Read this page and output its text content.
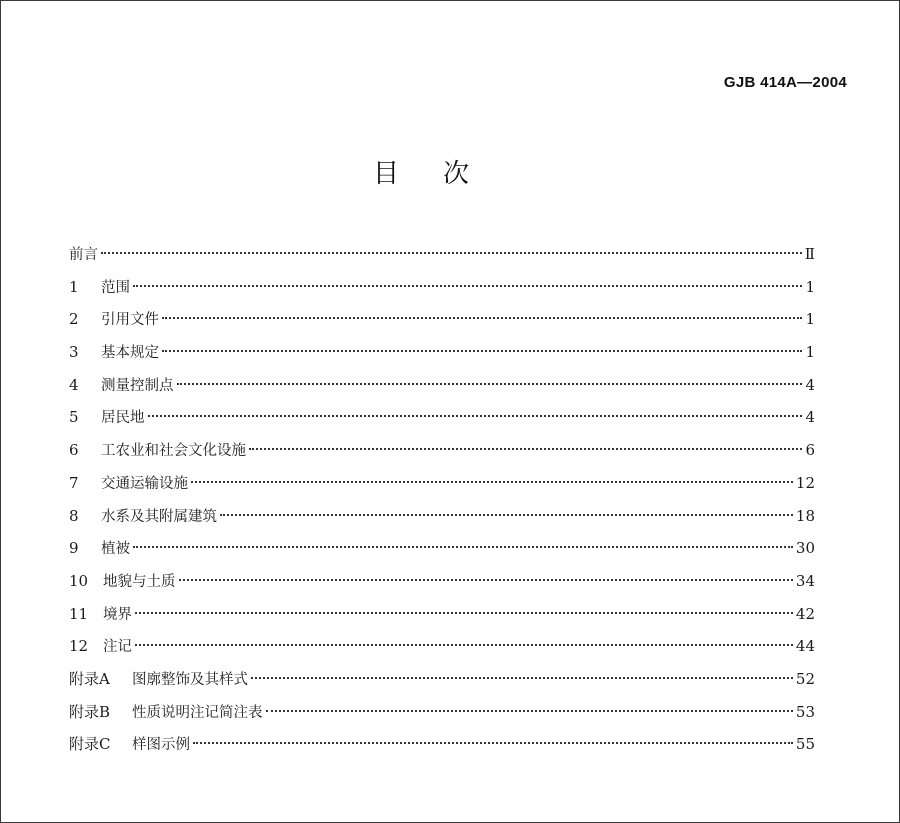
GJB 414A—2004
目次
前言	Ⅱ
1	范围	1
2	引用文件	1
3	基本规定	1
4	测量控制点	4
5	居民地	4
6	工农业和社会文化设施	6
7	交通运输设施	12
8	水系及其附属建筑	18
9	植被	30
10	地貌与土质	34
11	境界	42
12	注记	44
附录A	图廓整饰及其样式	52
附录B	性质说明注记简注表	53
附录C	样图示例	55
